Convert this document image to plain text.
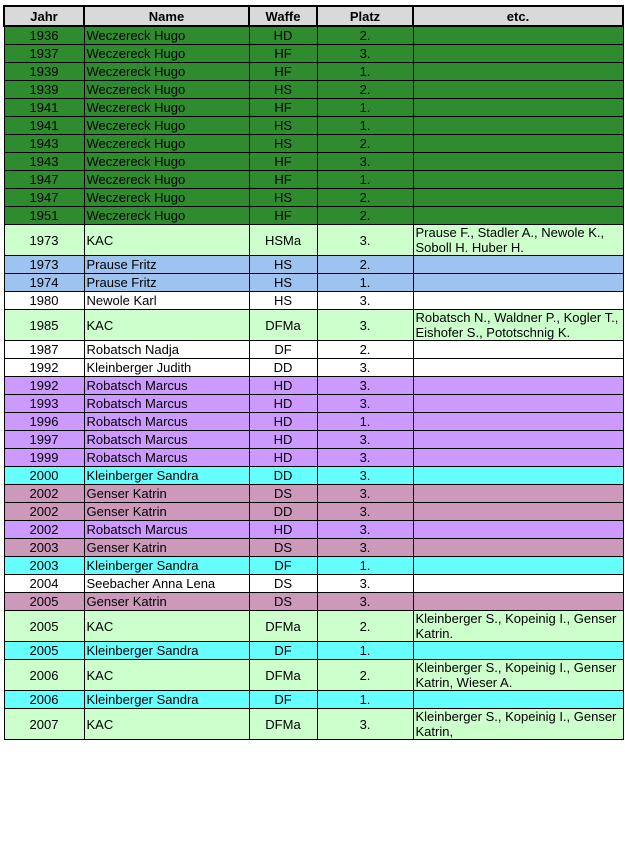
Jahr	Name	Waffe	Platz	etc.
1936	Weczereck Hugo	HD	2.	
1937	Weczereck Hugo	HF	3.	
1939	Weczereck Hugo	HF	1.	
1939	Weczereck Hugo	HS	2.	
1941	Weczereck Hugo	HF	1.	
1941	Weczereck Hugo	HS	1.	
1943	Weczereck Hugo	HS	2.	
1943	Weczereck Hugo	HF	3.	
1947	Weczereck Hugo	HF	1.	
1947	Weczereck Hugo	HS	2.	
1951	Weczereck Hugo	HF	2.	
1973	KAC	HSMa	3.	Prause F., Stadler A., Newole K., Soboll H. Huber H.
1973	Prause Fritz	HS	2.	
1974	Prause Fritz	HS	1.	
1980	Newole Karl	HS	3.	
1985	KAC	DFMa	3.	Robatsch N., Waldner P., Kogler T., Eishofer S., Pototschnig K.
1987	Robatsch Nadja	DF	2.	
1992	Kleinberger Judith	DD	3.	
1992	Robatsch Marcus	HD	3.	
1993	Robatsch Marcus	HD	3.	
1996	Robatsch Marcus	HD	1.	
1997	Robatsch Marcus	HD	3.	
1999	Robatsch Marcus	HD	3.	
2000	Kleinberger Sandra	DD	3.	
2002	Genser Katrin	DS	3.	
2002	Genser Katrin	DD	3.	
2002	Robatsch Marcus	HD	3.	
2003	Genser Katrin	DS	3.	
2003	Kleinberger Sandra	DF	1.	
2004	Seebacher Anna Lena	DS	3.	
2005	Genser Katrin	DS	3.	
2005	KAC	DFMa	2.	Kleinberger S., Kopeinig I., Genser Katrin.
2005	Kleinberger Sandra	DF	1.	
2006	KAC	DFMa	2.	Kleinberger S., Kopeinig I., Genser Katrin, Wieser A.
2006	Kleinberger Sandra	DF	1.	
2007	KAC	DFMa	3.	Kleinberger S., Kopeinig I., Genser Katrin,
